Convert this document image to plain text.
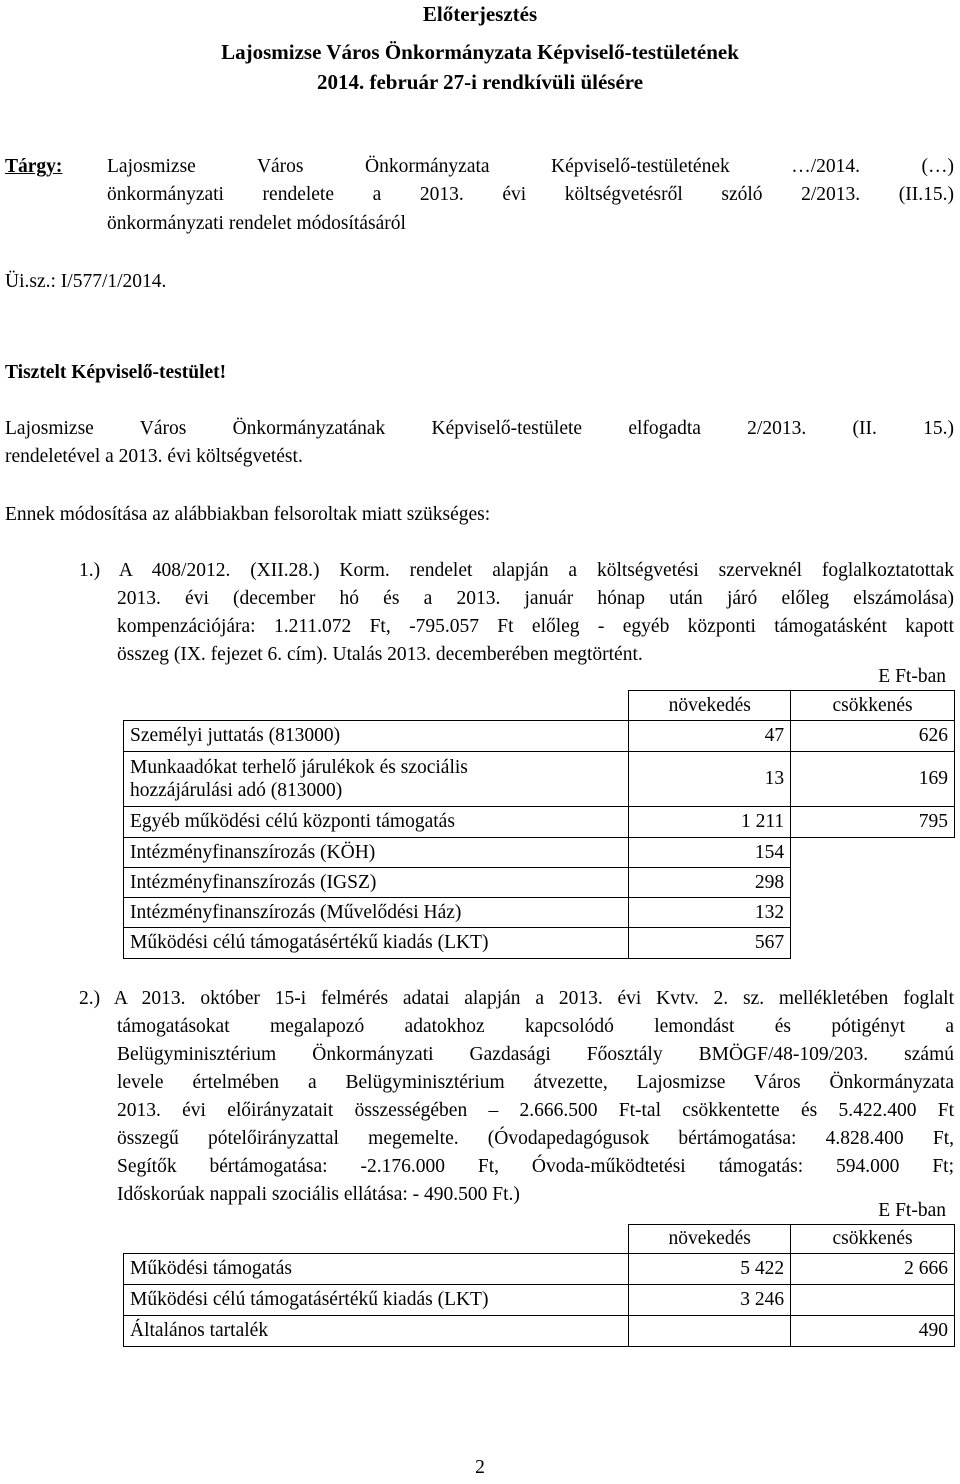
Előterjesztés
Lajosmizse Város Önkormányzata Képviselő-testületének
2014. február 27-i rendkívüli ülésére
Tárgy: Lajosmizse Város Önkormányzata Képviselő-testületének …/2014. (…)
önkormányzati rendelete a 2013. évi költségvetésről szóló 2/2013. (II.15.)
önkormányzati rendelet módosításáról
Üi.sz.: I/577/1/2014.
Tisztelt Képviselő-testület!
Lajosmizse Város Önkormányzatának Képviselő-testülete elfogadta 2/2013. (II. 15.)
rendeletével a 2013. évi költségvetést.
Ennek módosítása az alábbiakban felsoroltak miatt szükséges:
1.) A 408/2012. (XII.28.) Korm. rendelet alapján a költségvetési szerveknél foglalkoztatottak
2013. évi (december hó és a 2013. január hónap után járó előleg elszámolása)
kompenzációjára: 1.211.072 Ft, -795.057 Ft előleg - egyéb központi támogatásként kapott
összeg (IX. fejezet 6. cím). Utalás 2013. decemberében megtörtént.
E Ft-ban
	növekedés	csökkenés
Személyi juttatás (813000)	47	626
Munkaadókat terhelő járulékok és szociális
hozzájárulási adó (813000)	13	169
Egyéb működési célú központi támogatás	1 211	795
Intézményfinanszírozás (KÖH)	154	
Intézményfinanszírozás (IGSZ)	298	
Intézményfinanszírozás (Művelődési Ház)	132	
Működési célú támogatásértékű kiadás (LKT)	567	
2.) A 2013. október 15-i felmérés adatai alapján a 2013. évi Kvtv. 2. sz. mellékletében foglalt
támogatásokat megalapozó adatokhoz kapcsolódó lemondást és pótigényt a
Belügyminisztérium Önkormányzati Gazdasági Főosztály BMÖGF/48-109/203. számú
levele értelmében a Belügyminisztérium átvezette, Lajosmizse Város Önkormányzata
2013. évi előirányzatait összességében – 2.666.500 Ft-tal csökkentette és 5.422.400 Ft
összegű pótelőirányzattal megemelte. (Óvodapedagógusok bértámogatása: 4.828.400 Ft,
Segítők bértámogatása: -2.176.000 Ft, Óvoda-működtetési támogatás: 594.000 Ft;
Időskorúak nappali szociális ellátása: - 490.500 Ft.)
E Ft-ban
	növekedés	csökkenés
Működési támogatás	5 422	2 666
Működési célú támogatásértékű kiadás (LKT)	3 246	
Általános tartalék		490
2
